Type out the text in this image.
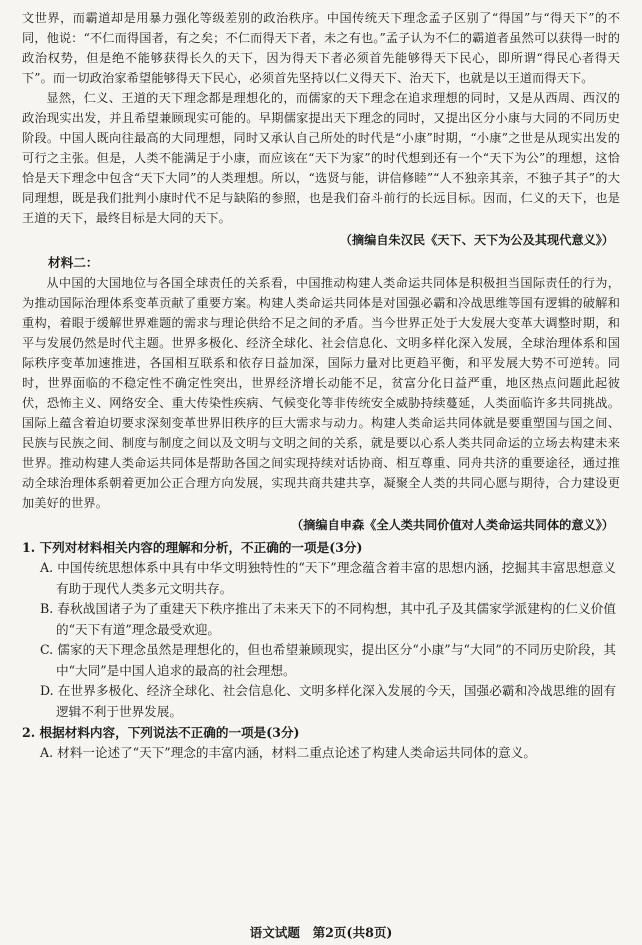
文世界，而霸道却是用暴力强化等级差别的政治秩序。中国传统天下理念孟子区别了“得国”与“得天下”的不同，他说：“不仁而得国者，有之矣；不仁而得天下者，未之有也。”孟子认为不仁的霸道者虽然可以获得一时的政治权势，但是绝不能够获得长久的天下，因为得天下者必须首先能够得天下民心，即所谓“得民心者得天下”。而一切政治家希望能够得天下民心，必须首先坚持以仁义得天下、治天下，也就是以王道而得天下。

显然，仁义、王道的天下理念都是理想化的，而儒家的天下理念在追求理想的同时，又是从西周、西汉的政治现实出发，并且希望兼顾现实可能的。早期儒家提出天下理念的同时，又提出区分小康与大同的不同历史阶段。中国人既向往最高的大同理想，同时又承认自己所处的时代是“小康”时期，“小康”之世是从现实出发的可行之主张。但是，人类不能满足于小康，而应该在“天下为家”的时代想到还有一个“天下为公”的理想，这恰恰是天下理念中包含“天下大同”的人类理想。所以，“选贤与能，讲信修睦”“人不独亲其亲，不独子其子”的大同理想，既是我们批判小康时代不足与缺陷的参照，也是我们奋斗前行的长远目标。因而，仁义的天下，也是王道的天下，最终目标是大同的天下。

（摘编自朱汉民《天下、天下为公及其现代意义》）

材料二：

从中国的大国地位与各国全球责任的关系看，中国推动构建人类命运共同体是积极担当国际责任的行为，为推动国际治理体系变革贡献了重要方案。构建人类命运共同体是对国强必霸和冷战思维等国有逻辑的破解和重构，着眼于缓解世界难题的需求与理论供给不足之间的矛盾。当今世界正处于大发展大变革大调整时期，和平与发展仍然是时代主题。世界多极化、经济全球化、社会信息化、文明多样化深入发展，全球治理体系和国际秩序变革加速推进，各国相互联系和依存日益加深，国际力量对比更趋平衡，和平发展大势不可逆转。同时，世界面临的不稳定性不确定性突出，世界经济增长动能不足，贫富分化日益严重，地区热点问题此起彼伏，恐怖主义、网络安全、重大传染性疾病、气候变化等非传统安全威胁持续蔓延，人类面临许多共同挑战。国际上蕴含着迫切要求深刻变革世界旧秩序的巨大需求与动力。构建人类命运共同体就是要重塑国与国之间、民族与民族之间、制度与制度之间以及文明与文明之间的关系，就是要以心系人类共同命运的立场去构建未来世界。推动构建人类命运共同体是帮助各国之间实现持续对话协商、相互尊重、同舟共济的重要途径，通过推动全球治理体系朝着更加公正合理方向发展，实现共商共建共享，凝聚全人类的共同心愿与期待，合力建设更加美好的世界。

（摘编自申森《全人类共同价值对人类命运共同体的意义》）

1. 下列对材料相关内容的理解和分析，不正确的一项是(3分)

A. 中国传统思想体系中具有中华文明独特性的“天下”理念蕴含着丰富的思想内涵，挖掘其丰富思想意义有助于现代人类多元文明共存。

B. 春秋战国诸子为了重建天下秩序推出了未来天下的不同构想，其中孔子及其儒家学派建构的仁义价值的“天下有道”理念最受欢迎。

C. 儒家的天下理念虽然是理想化的，但也希望兼顾现实，提出区分“小康”与“大同”的不同历史阶段，其中“大同”是中国人追求的最高的社会理想。

D. 在世界多极化、经济全球化、社会信息化、文明多样化深入发展的今天，国强必霸和冷战思维的固有逻辑不利于世界发展。

2. 根据材料内容，下列说法不正确的一项是(3分)

A. 材料一论述了“天下”理念的丰富内涵，材料二重点论述了构建人类命运共同体的意义。

语文试题　第2页(共8页)
